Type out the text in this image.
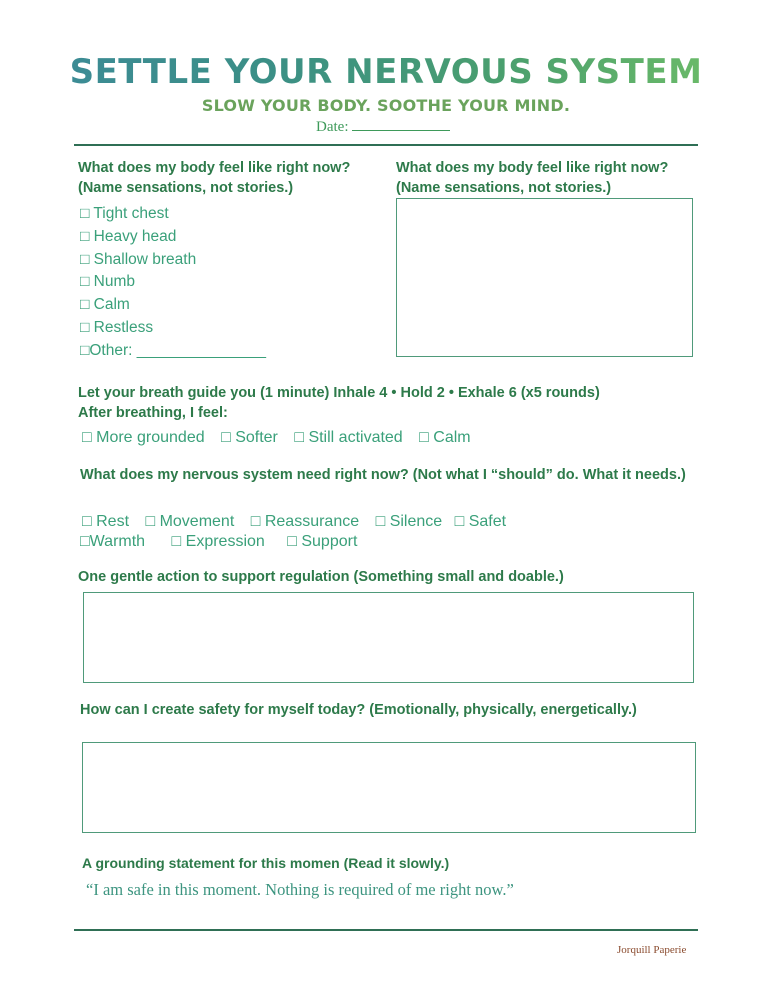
SETTLE YOUR NERVOUS SYSTEM
SLOW YOUR BODY. SOOTHE YOUR MIND.
Date:
What does my body feel like right now? (Name sensations, not stories.)
What does my body feel like right now? (Name sensations, not stories.)
□ Tight chest
□ Heavy head
□ Shallow breath
□ Numb
□ Calm
□ Restless
□Other: _______________
Let your breath guide you (1 minute) Inhale 4 • Hold 2 • Exhale 6 (x5 rounds)
After breathing, I feel:
□ More grounded □ Softer □ Still activated □ Calm
What does my nervous system need right now? (Not what I “should” do. What it needs.)
□ Rest □ Movement □ Reassurance □ Silence □ Safet
□Warmth □ Expression □ Support
One gentle action to support regulation (Something small and doable.)
How can I create safety for myself today? (Emotionally, physically, energetically.)
A grounding statement for this momen (Read it slowly.)
“I am safe in this moment. Nothing is required of me right now.”
Jorquill Paperie
